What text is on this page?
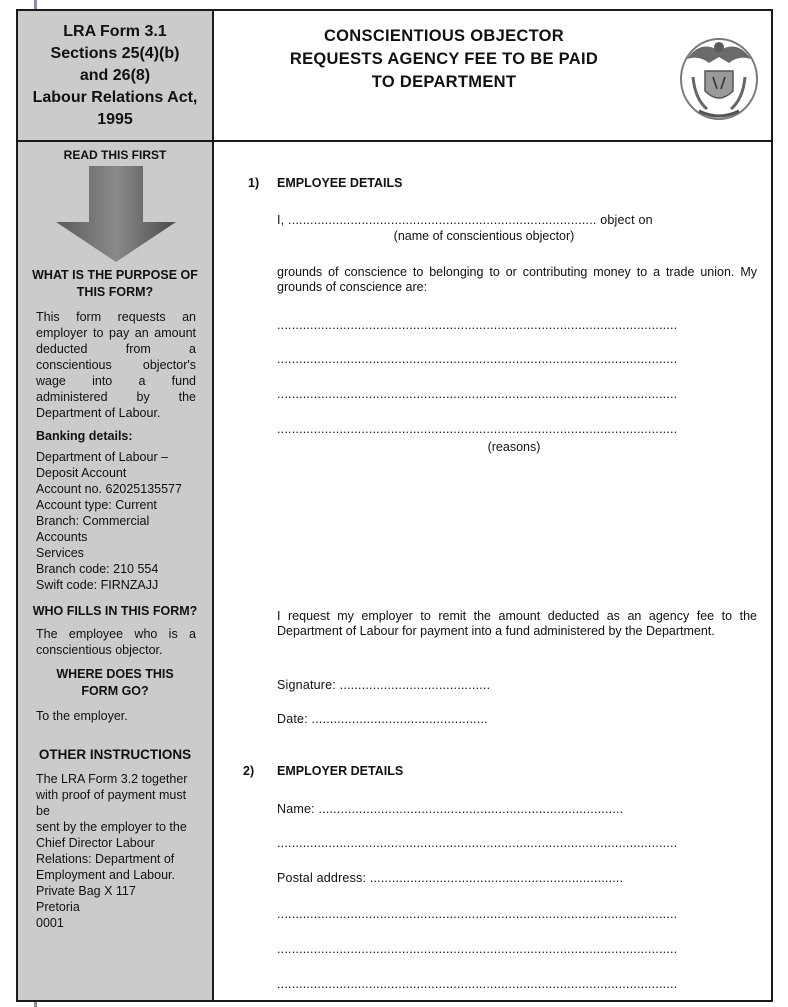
LRA Form 3.1
Sections 25(4)(b)
and 26(8)
Labour Relations Act,
1995
READ THIS FIRST
WHAT IS THE PURPOSE OF THIS FORM?
This form requests an employer to pay an amount deducted from a conscientious objector's wage into a fund administered by the Department of Labour.
Banking details:
Department of Labour –
Deposit Account
Account no. 62025135577
Account type: Current
Branch: Commercial Accounts
Services
Branch code: 210 554
Swift code: FIRNZAJJ
WHO FILLS IN THIS FORM?
The employee who is a conscientious objector.
WHERE DOES THIS FORM GO?
To the employer.
OTHER INSTRUCTIONS
The LRA Form 3.2 together
with proof of payment must be
sent by the employer to the
Chief Director Labour
Relations: Department of
Employment and Labour.
Private Bag X 117
Pretoria
0001
CONSCIENTIOUS OBJECTOR
REQUESTS AGENCY FEE TO BE PAID
TO DEPARTMENT
1) EMPLOYEE DETAILS
I, .................................................................................... object on
(name of conscientious objector)
grounds of conscience to belonging to or contributing money to a trade union. My grounds of conscience are:
.............................................................................................................
.............................................................................................................
.............................................................................................................
.............................................................................................................
(reasons)
I request my employer to remit the amount deducted as an agency fee to the Department of Labour for payment into a fund administered by the Department.
Signature: .........................................
Date: ................................................
2) EMPLOYER DETAILS
Name: ...................................................................................
.............................................................................................................
Postal address: .....................................................................
.............................................................................................................
.............................................................................................................
.............................................................................................................
